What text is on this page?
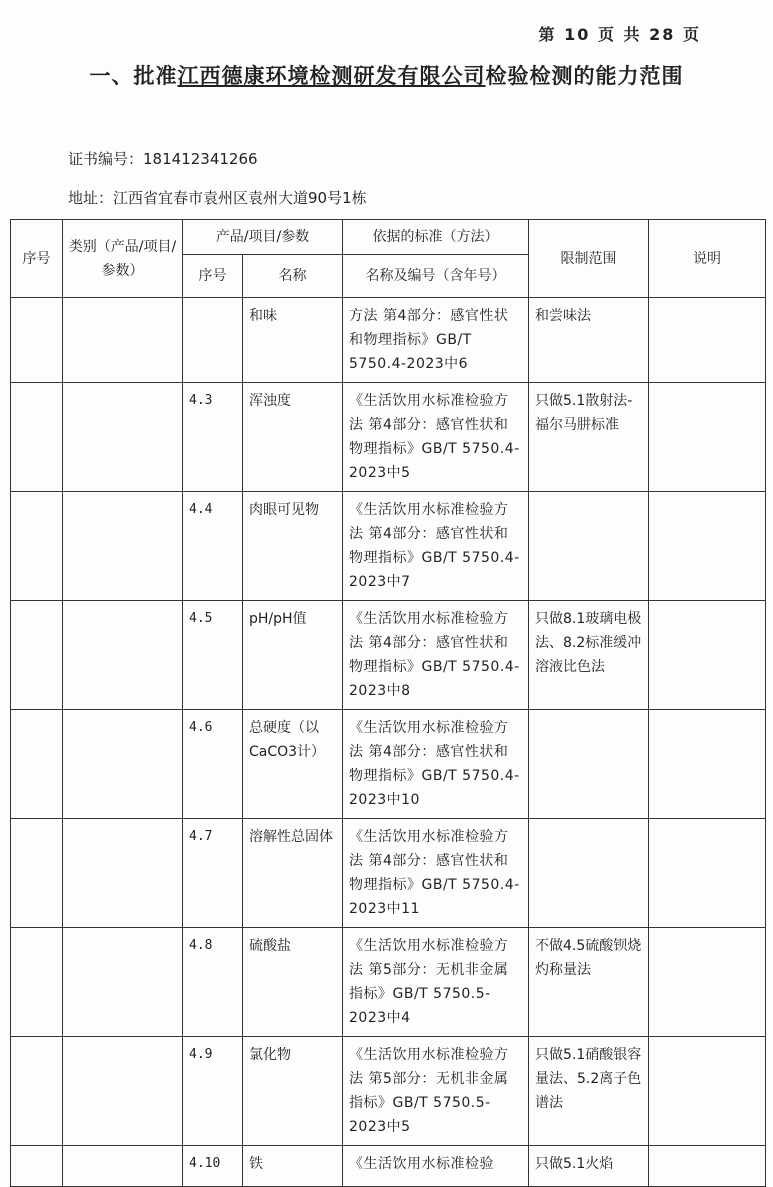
第 10 页 共 28 页
一、批准江西德康环境检测研发有限公司检验检测的能力范围
证书编号：181412341266
地址：江西省宜春市袁州区袁州大道90号1栋
序号	类别（产品/项目/参数）	产品/项目/参数		依据的标准（方法）	限制范围	说明
		序号	名称	名称及编号（含年号）		
			和味	方法 第4部分：感官性状和物理指标》GB/T 5750.4-2023中6	和尝味法	
		4.3	浑浊度	《生活饮用水标准检验方法 第4部分：感官性状和物理指标》GB/T 5750.4-2023中5	只做5.1散射法-福尔马肼标准	
		4.4	肉眼可见物	《生活饮用水标准检验方法 第4部分：感官性状和物理指标》GB/T 5750.4-2023中7		
		4.5	pH/pH值	《生活饮用水标准检验方法 第4部分：感官性状和物理指标》GB/T 5750.4-2023中8	只做8.1玻璃电极法、8.2标准缓冲溶液比色法	
		4.6	总硬度（以CaCO3计）	《生活饮用水标准检验方法 第4部分：感官性状和物理指标》GB/T 5750.4-2023中10		
		4.7	溶解性总固体	《生活饮用水标准检验方法 第4部分：感官性状和物理指标》GB/T 5750.4-2023中11		
		4.8	硫酸盐	《生活饮用水标准检验方法 第5部分：无机非金属指标》GB/T 5750.5-2023中4	不做4.5硫酸钡烧灼称量法	
		4.9	氯化物	《生活饮用水标准检验方法 第5部分：无机非金属指标》GB/T 5750.5-2023中5	只做5.1硝酸银容量法、5.2离子色谱法	
		4.10	铁	《生活饮用水标准检验	只做5.1火焰	
